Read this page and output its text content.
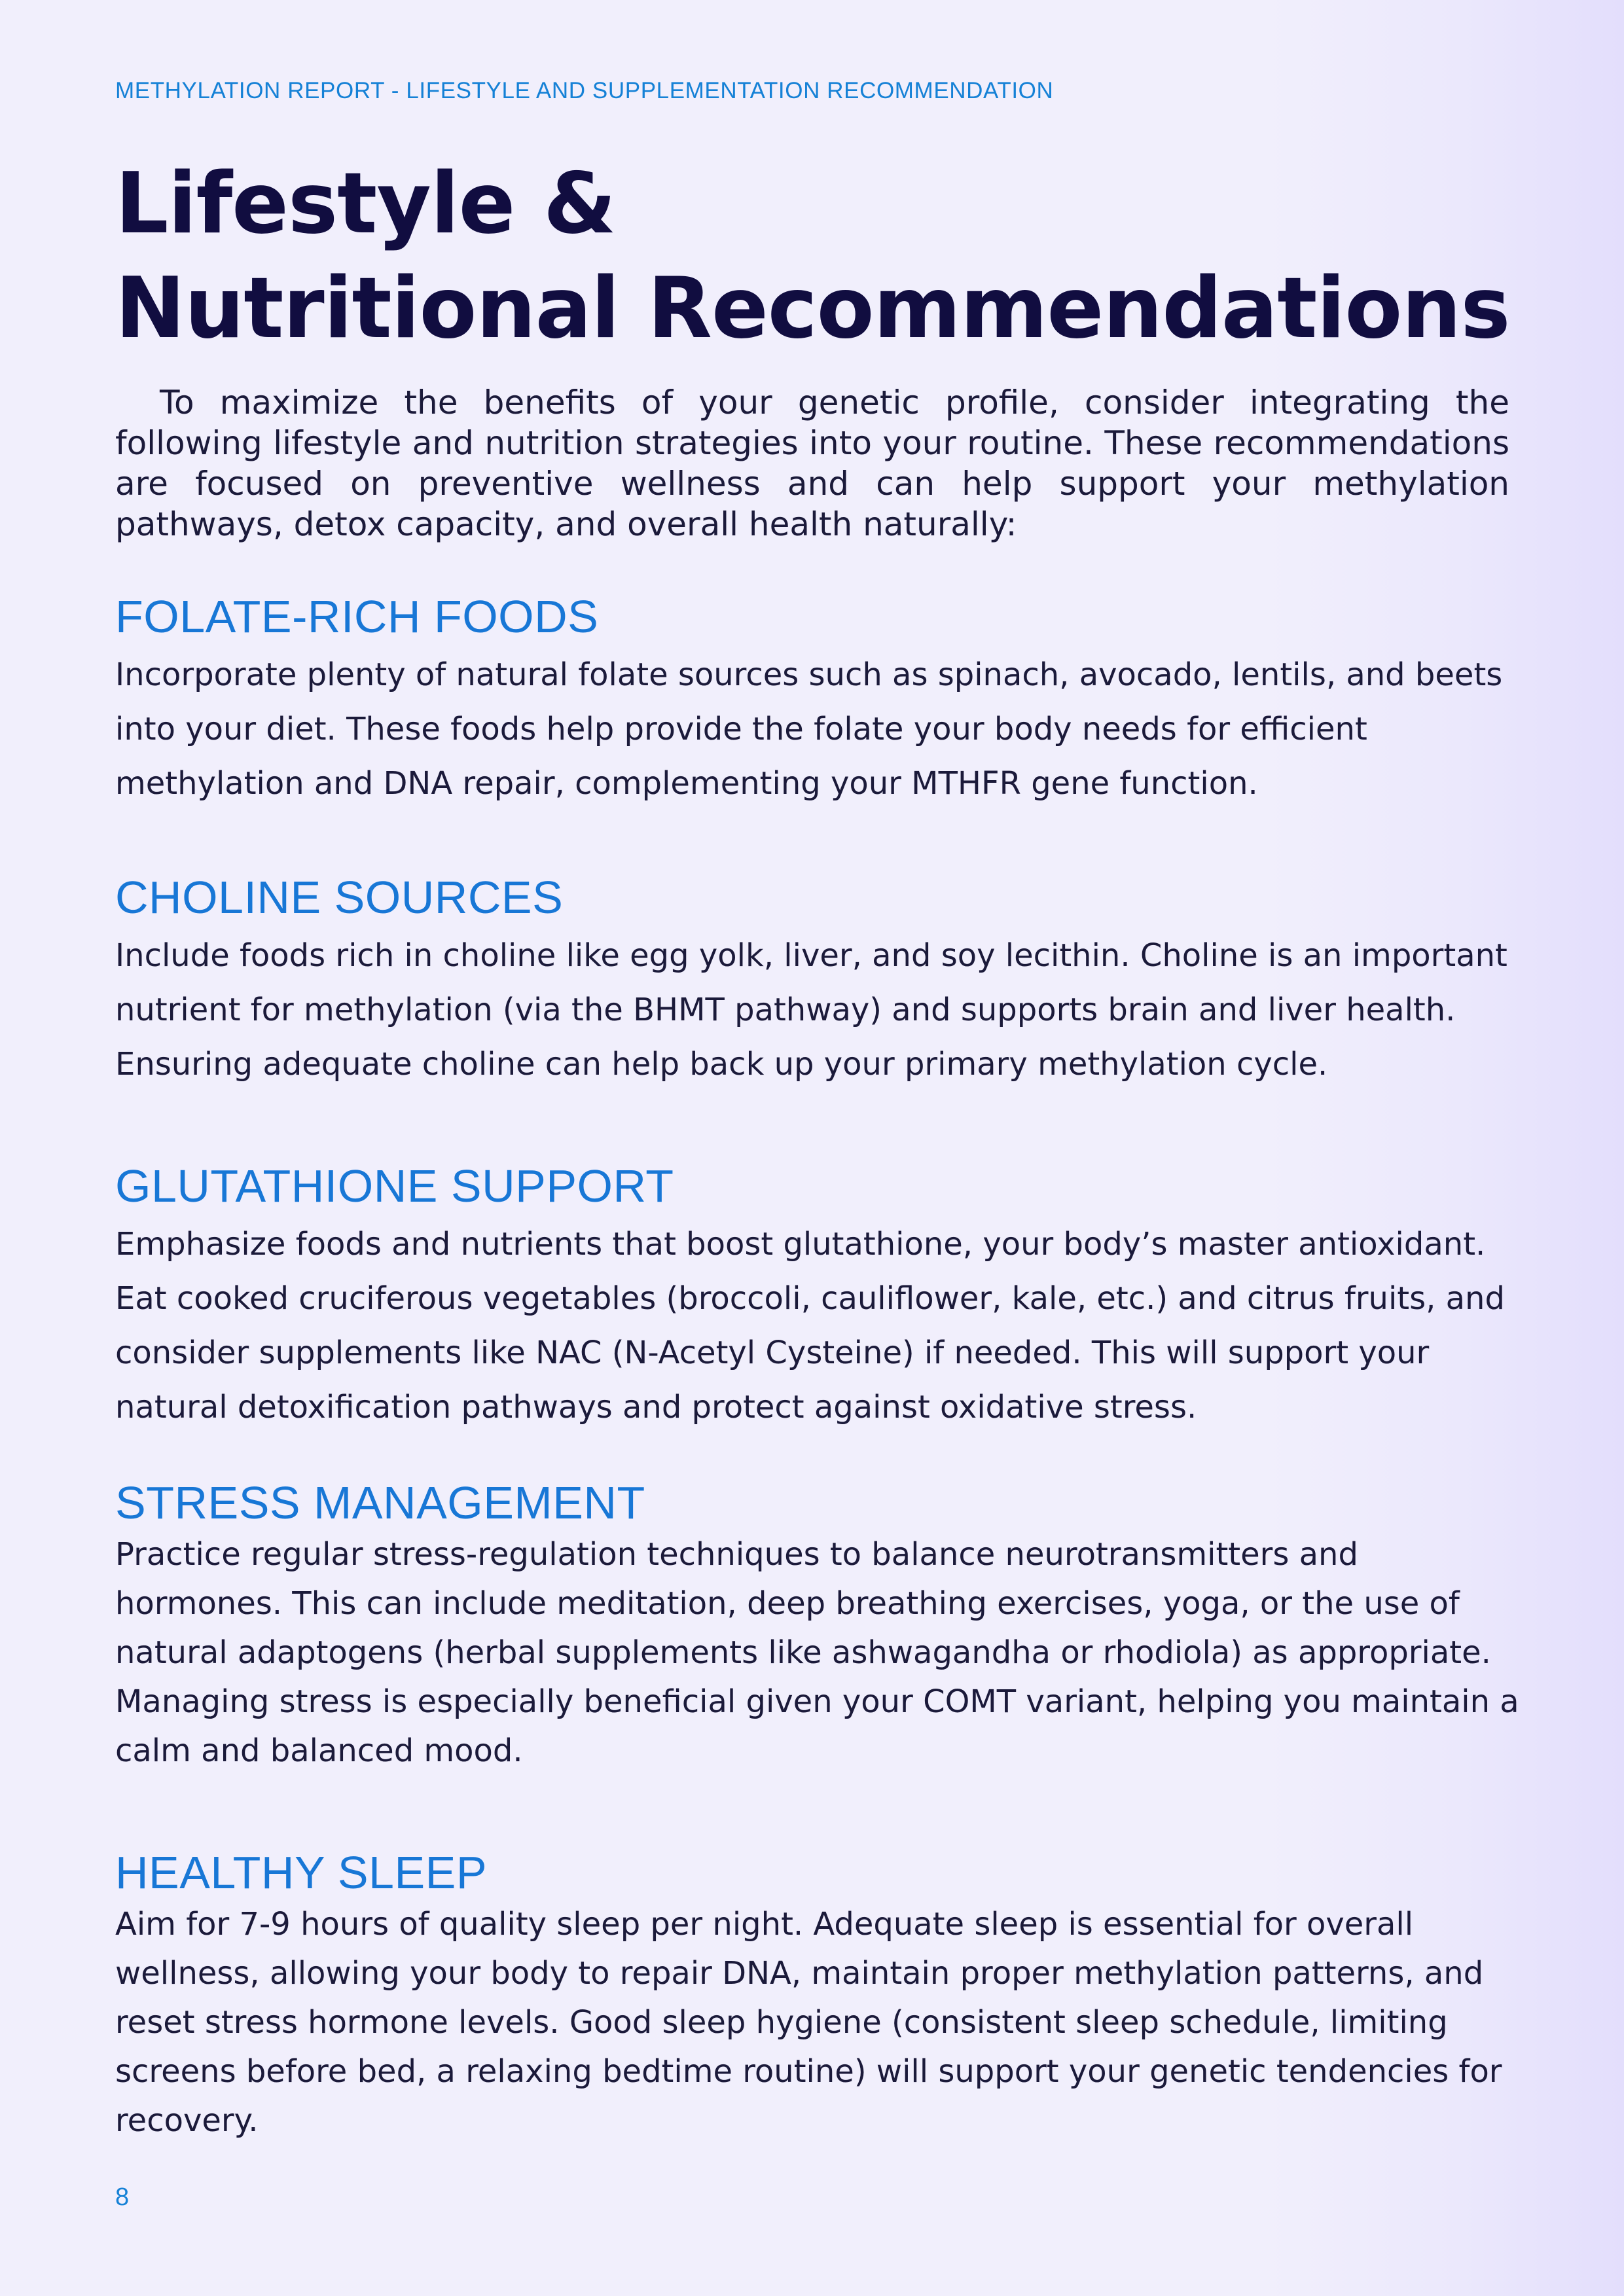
METHYLATION REPORT - LIFESTYLE AND SUPPLEMENTATION RECOMMENDATION
Lifestyle &
Nutritional Recommendations

To maximize the benefits of your genetic profile, consider integrating the following lifestyle and nutrition strategies into your routine. These recommendations are focused on preventive wellness and can help support your methylation pathways, detox capacity, and overall health naturally:

FOLATE-RICH FOODS

Incorporate plenty of natural folate sources such as spinach, avocado, lentils, and beets into your diet. These foods help provide the folate your body needs for efficient methylation and DNA repair, complementing your MTHFR gene function.

CHOLINE SOURCES

Include foods rich in choline like egg yolk, liver, and soy lecithin. Choline is an important nutrient for methylation (via the BHMT pathway) and supports brain and liver health. Ensuring adequate choline can help back up your primary methylation cycle.

GLUTATHIONE SUPPORT

Emphasize foods and nutrients that boost glutathione, your body’s master antioxidant. Eat cooked cruciferous vegetables (broccoli, cauliflower, kale, etc.) and citrus fruits, and consider supplements like NAC (N-Acetyl Cysteine) if needed. This will support your natural detoxification pathways and protect against oxidative stress.

STRESS MANAGEMENT

Practice regular stress-regulation techniques to balance neurotransmitters and hormones. This can include meditation, deep breathing exercises, yoga, or the use of natural adaptogens (herbal supplements like ashwagandha or rhodiola) as appropriate. Managing stress is especially beneficial given your COMT variant, helping you maintain a calm and balanced mood.

HEALTHY SLEEP

Aim for 7-9 hours of quality sleep per night. Adequate sleep is essential for overall wellness, allowing your body to repair DNA, maintain proper methylation patterns, and reset stress hormone levels. Good sleep hygiene (consistent sleep schedule, limiting screens before bed, a relaxing bedtime routine) will support your genetic tendencies for recovery.

8
